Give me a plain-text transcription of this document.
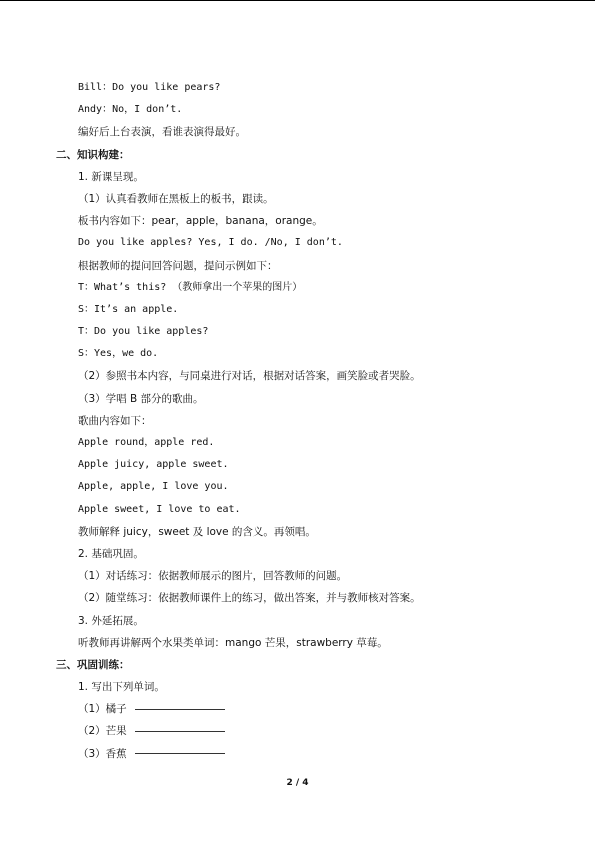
Bill：Do you like pears?
Andy：No，I don’t.
编好后上台表演，看谁表演得最好。
二、知识构建：
1. 新课呈现。
（1）认真看教师在黑板上的板书，跟读。
板书内容如下：pear，apple，banana，orange。
Do you like apples? Yes, I do. /No, I don’t.
根据教师的提问回答问题，提问示例如下：
T：What’s this? （教师拿出一个苹果的图片）
S：It’s an apple.
T：Do you like apples?
S：Yes，we do.
（2）参照书本内容，与同桌进行对话，根据对话答案，画笑脸或者哭脸。
（3）学唱 B 部分的歌曲。
歌曲内容如下：
Apple round，apple red.
Apple juicy, apple sweet.
Apple, apple, I love you.
Apple sweet, I love to eat.
教师解释 juicy，sweet 及 love 的含义。再领唱。
2. 基础巩固。
（1）对话练习：依据教师展示的图片，回答教师的问题。
（2）随堂练习：依据教师课件上的练习，做出答案，并与教师核对答案。
3. 外延拓展。
听教师再讲解两个水果类单词：mango 芒果，strawberry 草莓。
三、巩固训练：
1. 写出下列单词。
（1）橘子
（2）芒果
（3）香蕉
2 / 4
